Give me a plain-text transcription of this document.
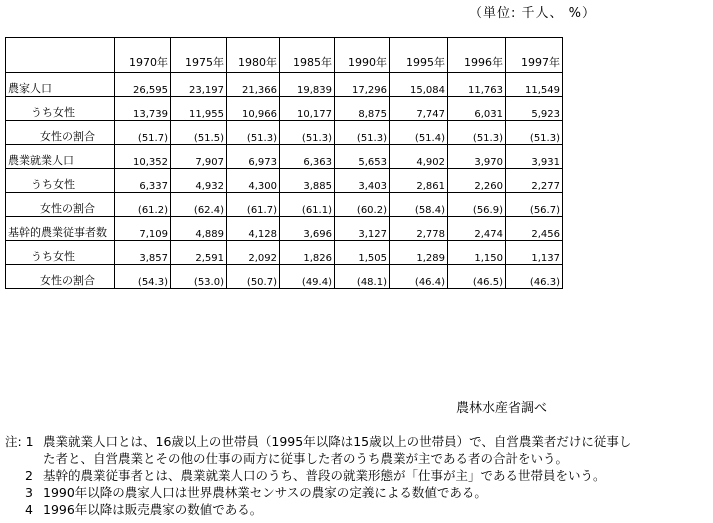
（単位: 千人、 %）
	1970年	1975年	1980年	1985年	1990年	1995年	1996年	1997年
農家人口	26,595	23,197	21,366	19,839	17,296	15,084	11,763	11,549
うち女性	13,739	11,955	10,966	10,177	8,875	7,747	6,031	5,923
女性の割合	(51.7)	(51.5)	(51.3)	(51.3)	(51.3)	(51.4)	(51.3)	(51.3)
農業就業人口	10,352	7,907	6,973	6,363	5,653	4,902	3,970	3,931
うち女性	6,337	4,932	4,300	3,885	3,403	2,861	2,260	2,277
女性の割合	(61.2)	(62.4)	(61.7)	(61.1)	(60.2)	(58.4)	(56.9)	(56.7)
基幹的農業従事者数	7,109	4,889	4,128	3,696	3,127	2,778	2,474	2,456
うち女性	3,857	2,591	2,092	1,826	1,505	1,289	1,150	1,137
女性の割合	(54.3)	(53.0)	(50.7)	(49.4)	(48.1)	(46.4)	(46.5)	(46.3)
農林水産省調べ
注: 1 農業就業人口とは、16歳以上の世帯員（1995年以降は15歳以上の世帯員）で、自営農業者だけに従事し
た者と、自営農業とその他の仕事の両方に従事した者のうち農業が主である者の合計をいう。
2 基幹的農業従事者とは、農業就業人口のうち、普段の就業形態が「仕事が主」である世帯員をいう。
3 1990年以降の農家人口は世界農林業センサスの農家の定義による数値である。
4 1996年以降は販売農家の数値である。
